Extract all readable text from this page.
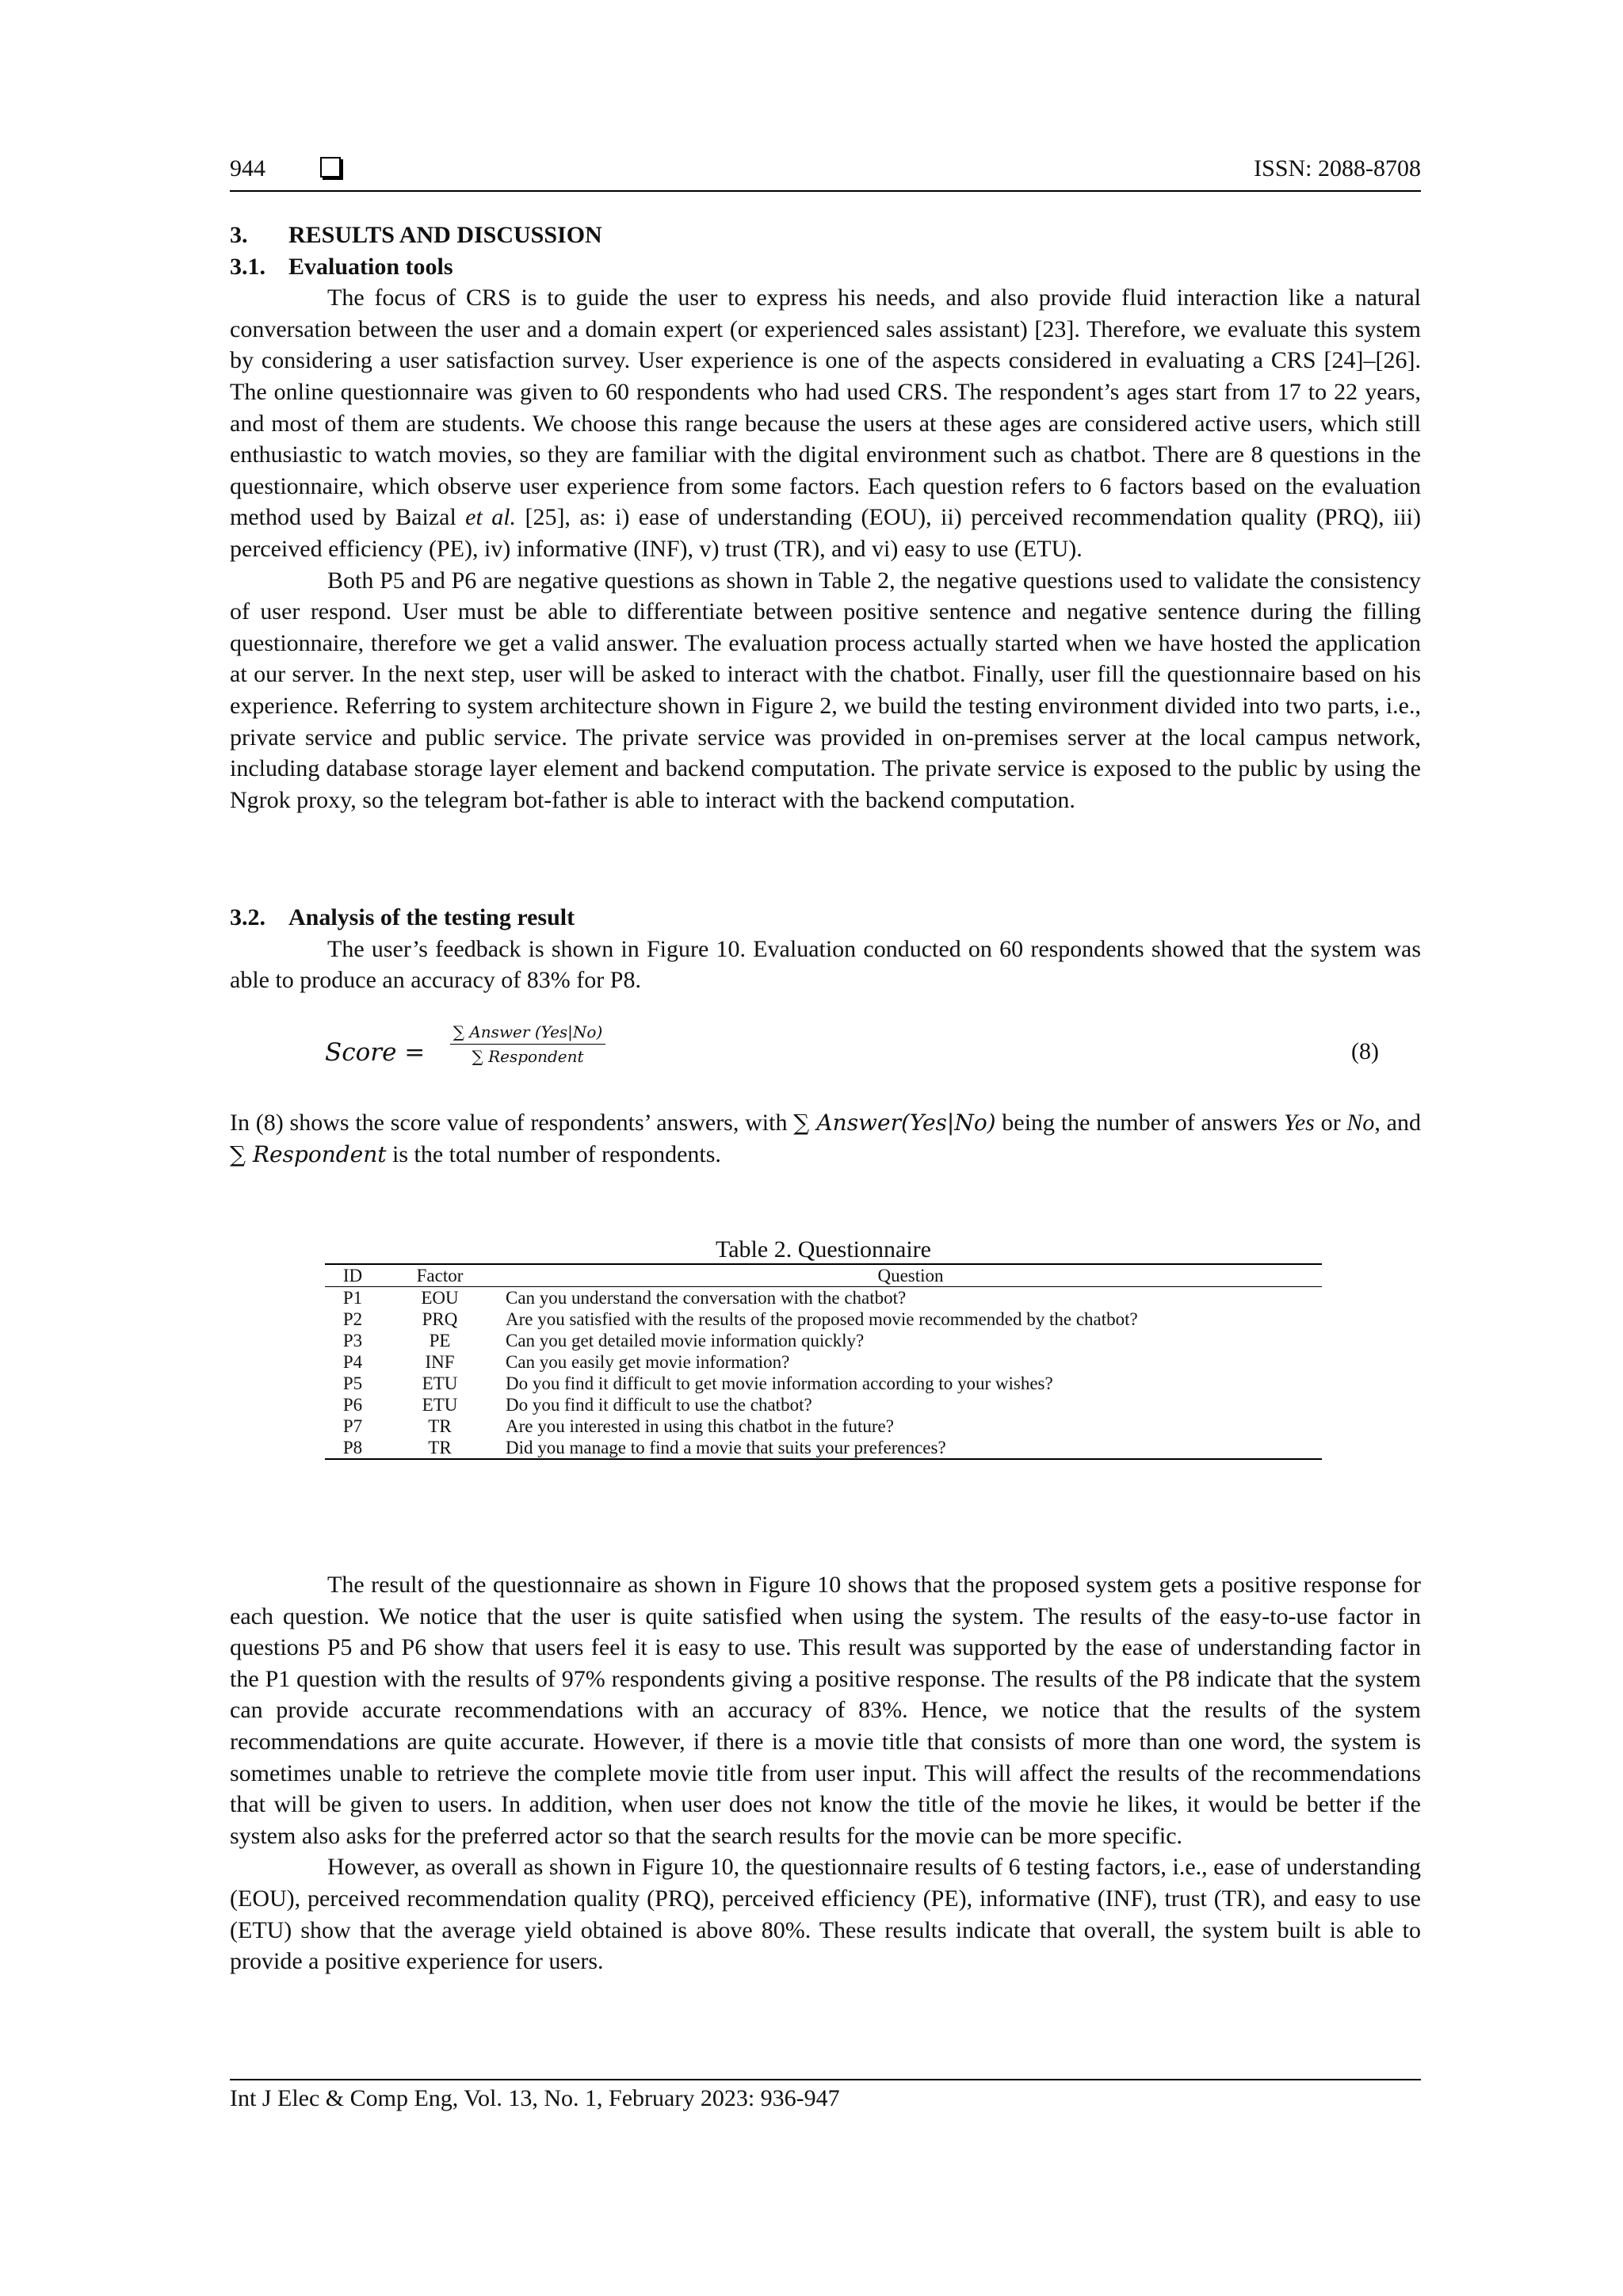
944	ISSN: 2088-8708
3. RESULTS AND DISCUSSION
3.1. Evaluation tools

The focus of CRS is to guide the user to express his needs, and also provide fluid interaction like a natural conversation between the user and a domain expert (or experienced sales assistant) [23]. Therefore, we evaluate this system by considering a user satisfaction survey. User experience is one of the aspects considered in evaluating a CRS [24]–[26]. The online questionnaire was given to 60 respondents who had used CRS. The respondent’s ages start from 17 to 22 years, and most of them are students. We choose this range because the users at these ages are considered active users, which still enthusiastic to watch movies, so they are familiar with the digital environment such as chatbot. There are 8 questions in the questionnaire, which observe user experience from some factors. Each question refers to 6 factors based on the evaluation method used by Baizal et al. [25], as: i) ease of understanding (EOU), ii) perceived recommendation quality (PRQ), iii) perceived efficiency (PE), iv) informative (INF), v) trust (TR), and vi) easy to use (ETU).

Both P5 and P6 are negative questions as shown in Table 2, the negative questions used to validate the consistency of user respond. User must be able to differentiate between positive sentence and negative sentence during the filling questionnaire, therefore we get a valid answer. The evaluation process actually started when we have hosted the application at our server. In the next step, user will be asked to interact with the chatbot. Finally, user fill the questionnaire based on his experience. Referring to system architecture shown in Figure 2, we build the testing environment divided into two parts, i.e., private service and public service. The private service was provided in on-premises server at the local campus network, including database storage layer element and backend computation. The private service is exposed to the public by using the Ngrok proxy, so the telegram bot-father is able to interact with the backend computation.

3.2. Analysis of the testing result

The user’s feedback is shown in Figure 10. Evaluation conducted on 60 respondents showed that the system was able to produce an accuracy of 83% for P8.

Score =
∑ Answer (Yes|No)
∑ Respondent	(8)

In (8) shows the score value of respondents’ answers, with ∑ Answer(Yes|No) being the number of answers Yes or No, and ∑ Respondent is the total number of respondents.

Table 2. Questionnaire
ID	Factor	Question
P1	EOU	Can you understand the conversation with the chatbot?
P2	PRQ	Are you satisfied with the results of the proposed movie recommended by the chatbot?
P3	PE	Can you get detailed movie information quickly?
P4	INF	Can you easily get movie information?
P5	ETU	Do you find it difficult to get movie information according to your wishes?
P6	ETU	Do you find it difficult to use the chatbot?
P7	TR	Are you interested in using this chatbot in the future?
P8	TR	Did you manage to find a movie that suits your preferences?

The result of the questionnaire as shown in Figure 10 shows that the proposed system gets a positive response for each question. We notice that the user is quite satisfied when using the system. The results of the easy-to-use factor in questions P5 and P6 show that users feel it is easy to use. This result was supported by the ease of understanding factor in the P1 question with the results of 97% respondents giving a positive response. The results of the P8 indicate that the system can provide accurate recommendations with an accuracy of 83%. Hence, we notice that the results of the system recommendations are quite accurate. However, if there is a movie title that consists of more than one word, the system is sometimes unable to retrieve the complete movie title from user input. This will affect the results of the recommendations that will be given to users. In addition, when user does not know the title of the movie he likes, it would be better if the system also asks for the preferred actor so that the search results for the movie can be more specific.

However, as overall as shown in Figure 10, the questionnaire results of 6 testing factors, i.e., ease of understanding (EOU), perceived recommendation quality (PRQ), perceived efficiency (PE), informative (INF), trust (TR), and easy to use (ETU) show that the average yield obtained is above 80%. These results indicate that overall, the system built is able to provide a positive experience for users.

Int J Elec & Comp Eng, Vol. 13, No. 1, February 2023: 936-947
